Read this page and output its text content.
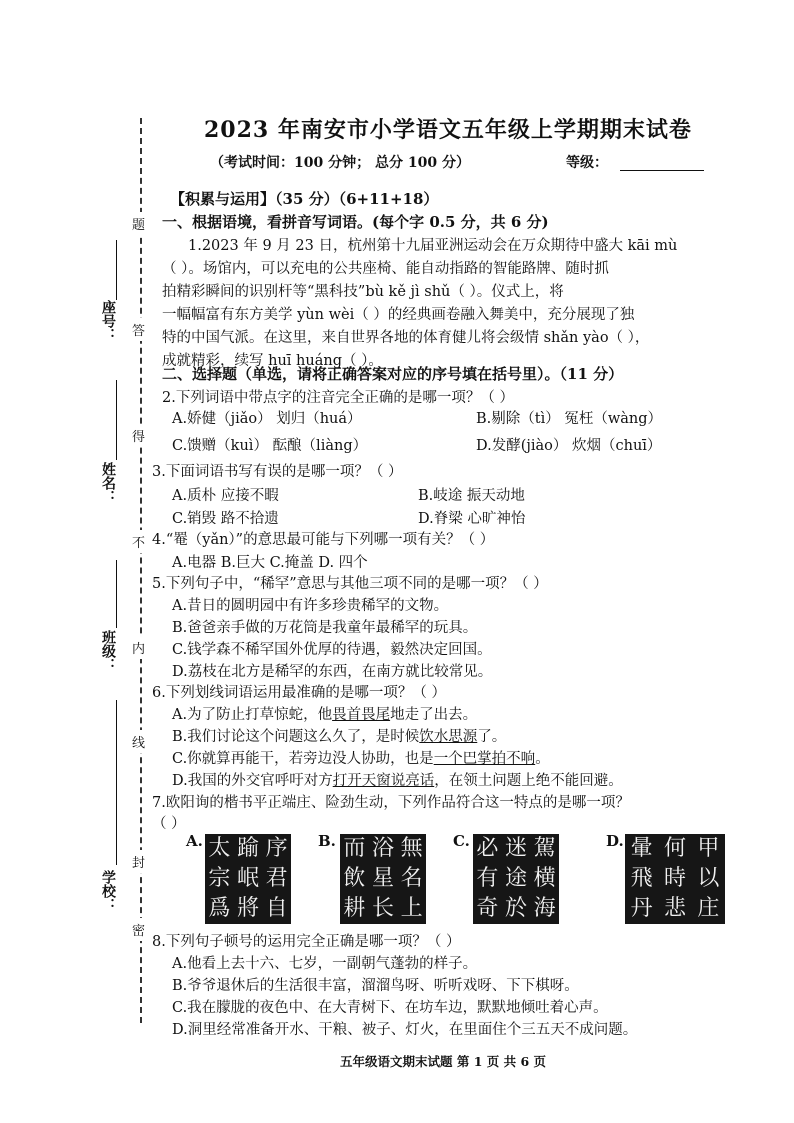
题
答
得
不
内
线
封
密
座号：
姓名：
班级：
学校：
2023 年南安市小学语文五年级上学期期末试卷
（考试时间：100 分钟； 总分 100 分）	等级：
【积累与运用】（35 分）（6+11+18）
一、根据语境，看拼音写词语。(每个字 0.5 分，共 6 分)
1.2023 年 9 月 23 日，杭州第十九届亚洲运动会在万众期待中盛大 kāi mù
（ ）。场馆内，可以充电的公共座椅、能自动指路的智能路牌、随时抓
拍精彩瞬间的识别杆等“黑科技”bù kě jì shǔ（ ）。仪式上，将
一幅幅富有东方美学 yùn wèi（ ）的经典画卷融入舞美中，充分展现了独
特的中国气派。在这里，来自世界各地的体育健儿将会级情 shǎn yào（ ），
成就精彩，续写 huī huáng（ ）。
二、选择题（单选，请将正确答案对应的序号填在括号里）。（11 分）
2.下列词语中带点字的注音完全正确的是哪一项？（ ）
A.娇健（jiǎo） 划归（huá）	B.剔除（tì） 冤枉（wàng）
C.馈赠（kuì） 酝酿（liàng）	D.发酵(jiào） 炊烟（chuī）
3.下面词语书写有误的是哪一项？（ ）
A.质朴 应接不暇	B.岐途 振天动地
C.销毁 路不拾遗	D.脊梁 心旷神怡
4.“罨（yǎn）”的意思最可能与下列哪一项有关？（ ）
A.电器 B.巨大 C.掩盖 D. 四个
5.下列句子中，“稀罕”意思与其他三项不同的是哪一项？（ ）
A.昔日的圆明园中有许多珍贵稀罕的文物。
B.爸爸亲手做的万花筒是我童年最稀罕的玩具。
C.钱学森不稀罕国外优厚的待遇，毅然决定回国。
D.荔枝在北方是稀罕的东西，在南方就比较常见。
6.下列划线词语运用最准确的是哪一项？（ ）
A.为了防止打草惊蛇，他畏首畏尾地走了出去。
B.我们讨论这个问题这么久了，是时候饮水思源了。
C.你就算再能干，若旁边没人协助，也是一个巴掌拍不响。
D.我国的外交官呼吁对方打开天窗说亮话，在领土问题上绝不能回避。
7.欧阳询的楷书平正端庄、险劲生动，下列作品符合这一特点的是哪一项？
（ ）
A. 太 踰 序
宗 岷 君
爲 將 自
B. 而 浴 無
飲 星 名
耕 长 上
C. 必 迷 駕
有 途 横
奇 於 海
D. 暈 何 甲
飛 時 以
丹 悲 庄
8.下列句子顿号的运用完全正确是哪一项？（ ）
A.他看上去十六、七岁，一副朝气蓬勃的样子。
B.爷爷退休后的生活很丰富，溜溜鸟呀、听听戏呀、下下棋呀。
C.我在朦胧的夜色中、在大青树下、在坊车边，默默地倾吐着心声。
D.洞里经常准备开水、干粮、被子、灯火，在里面住个三五天不成问题。
五年级语文期末试题 第 1 页 共 6 页
